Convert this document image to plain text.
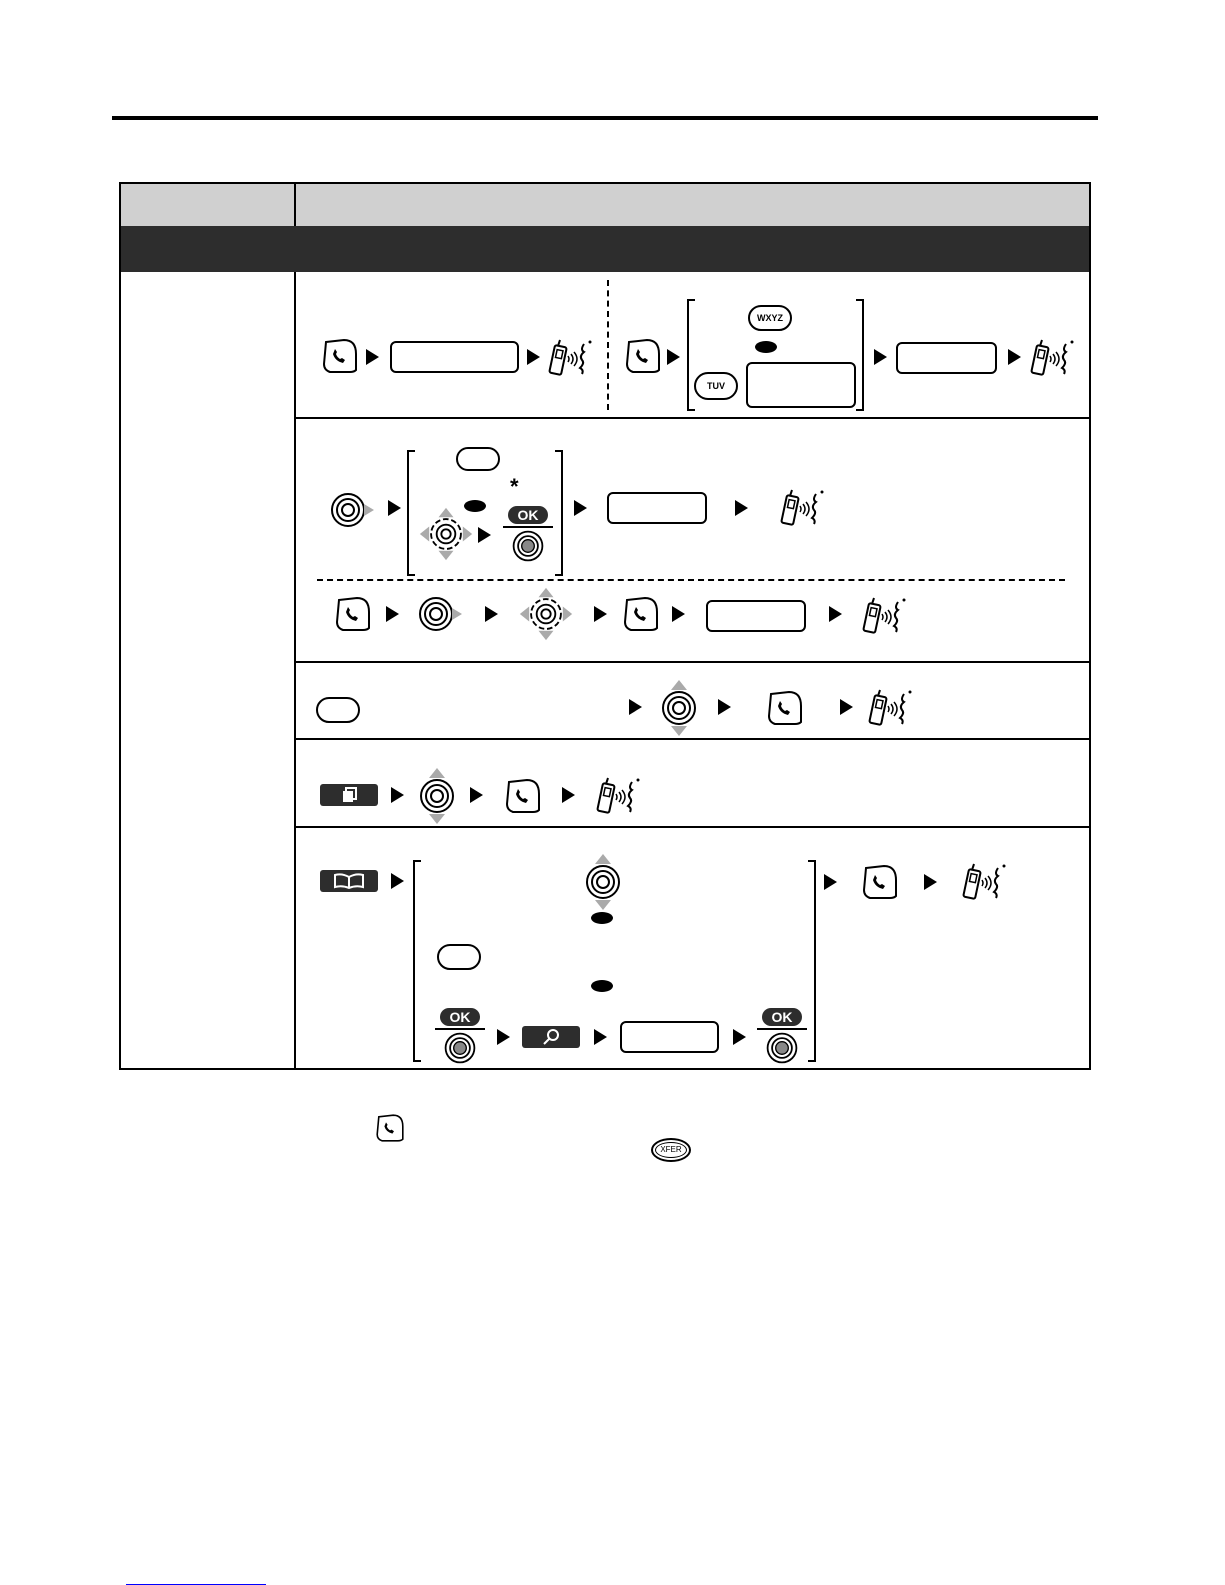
WXYZ
TUV
*
OK
OK	OK
XFER
